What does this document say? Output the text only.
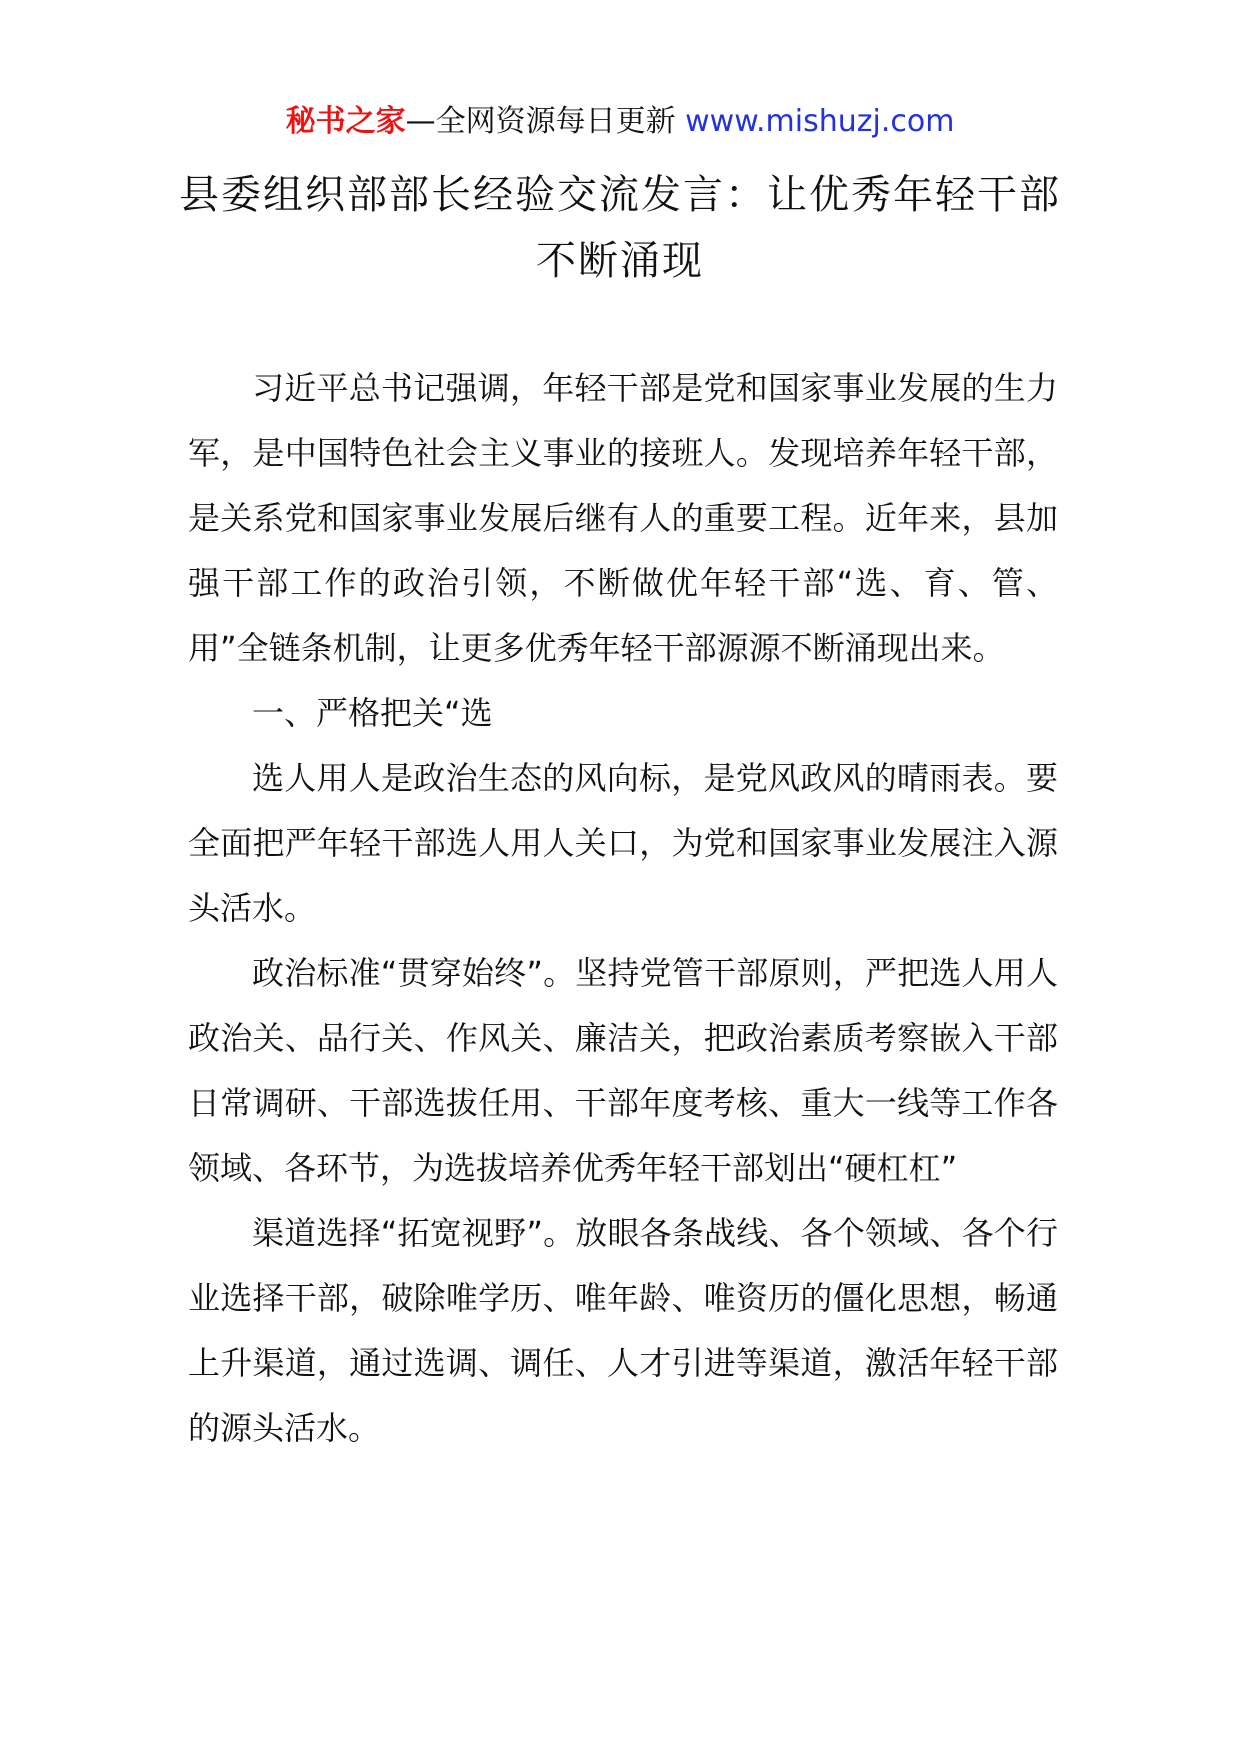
秘书之家—全网资源每日更新 www.mishuzj.com
县委组织部部长经验交流发言：让优秀年轻干部不断涌现

习近平总书记强调，年轻干部是党和国家事业发展的生力军，是中国特色社会主义事业的接班人。发现培养年轻干部，是关系党和国家事业发展后继有人的重要工程。近年来，县加强干部工作的政治引领，不断做优年轻干部“选、育、管、用”全链条机制，让更多优秀年轻干部源源不断涌现出来。

一、严格把关“选

选人用人是政治生态的风向标，是党风政风的晴雨表。要全面把严年轻干部选人用人关口，为党和国家事业发展注入源头活水。

政治标准“贯穿始终”。坚持党管干部原则，严把选人用人政治关、品行关、作风关、廉洁关，把政治素质考察嵌入干部日常调研、干部选拔任用、干部年度考核、重大一线等工作各领域、各环节，为选拔培养优秀年轻干部划出“硬杠杠”

渠道选择“拓宽视野”。放眼各条战线、各个领域、各个行业选择干部，破除唯学历、唯年龄、唯资历的僵化思想，畅通上升渠道，通过选调、调任、人才引进等渠道，激活年轻干部的源头活水。
